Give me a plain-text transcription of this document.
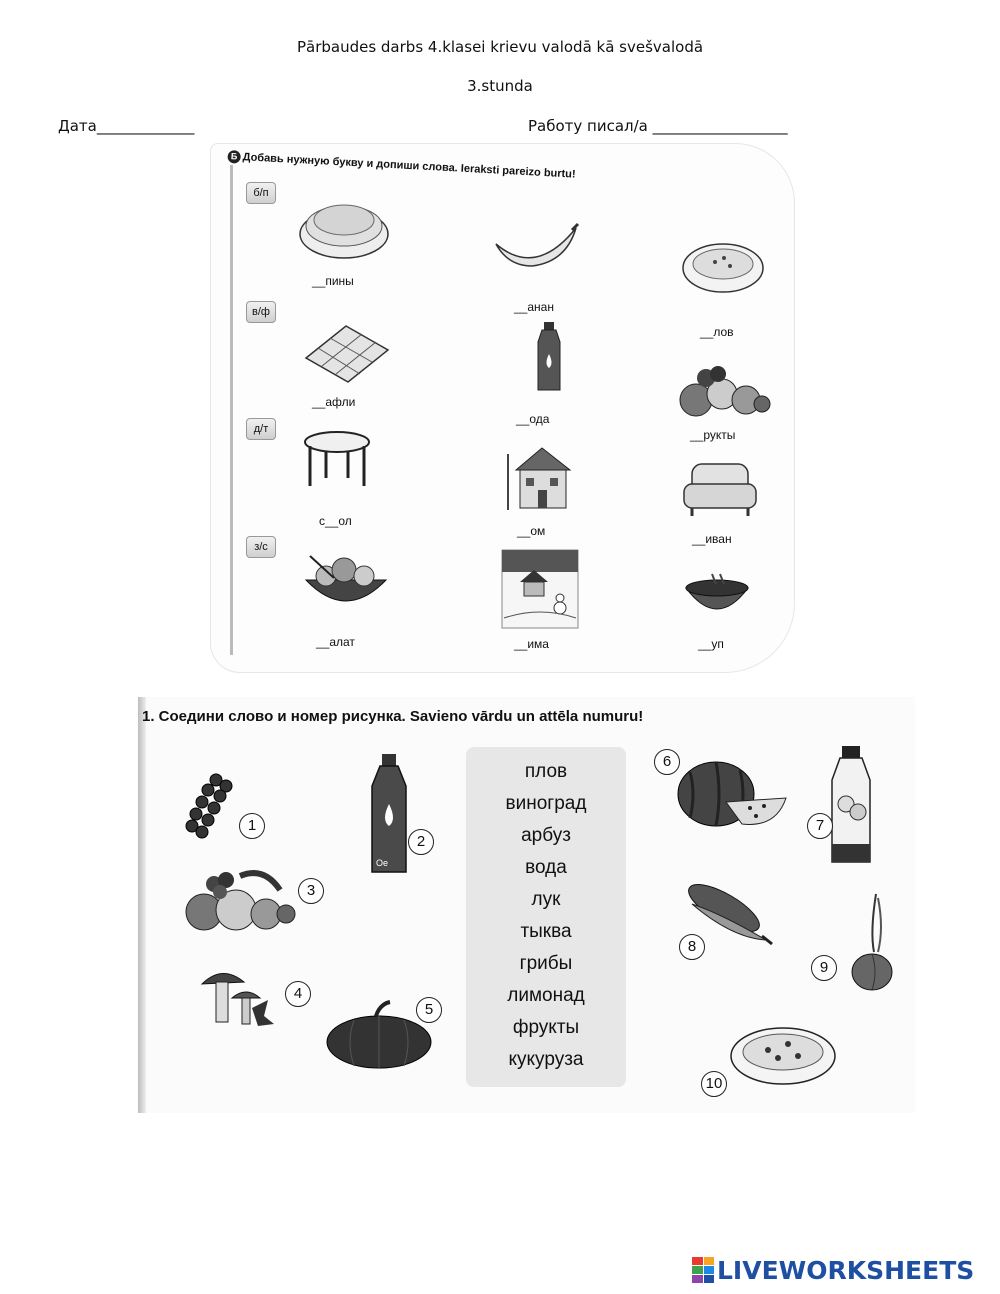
Pārbaudes darbs 4.klasei krievu valodā kā svešvalodā
3.stunda
Дата_____________	Работу писал/а __________________
Б Добавь нужную букву и допиши слова. Ieraksti pareizo burtu!
б/п
в/ф
д/т
з/с
__пины
__анан
__лов
__афли
__ода
__рукты
с__ол
__ом
__иван
__алат	__има	__уп
1. Соедини слово и номер рисунка. Savieno vārdu un attēla numuru!
плов
виноград
арбуз
вода
лук
тыква
грибы
лимонад
фрукты
кукуруза
1
Ое
2
3
4
5
6
7
8
9
10
LIVEWORKSHEETS
